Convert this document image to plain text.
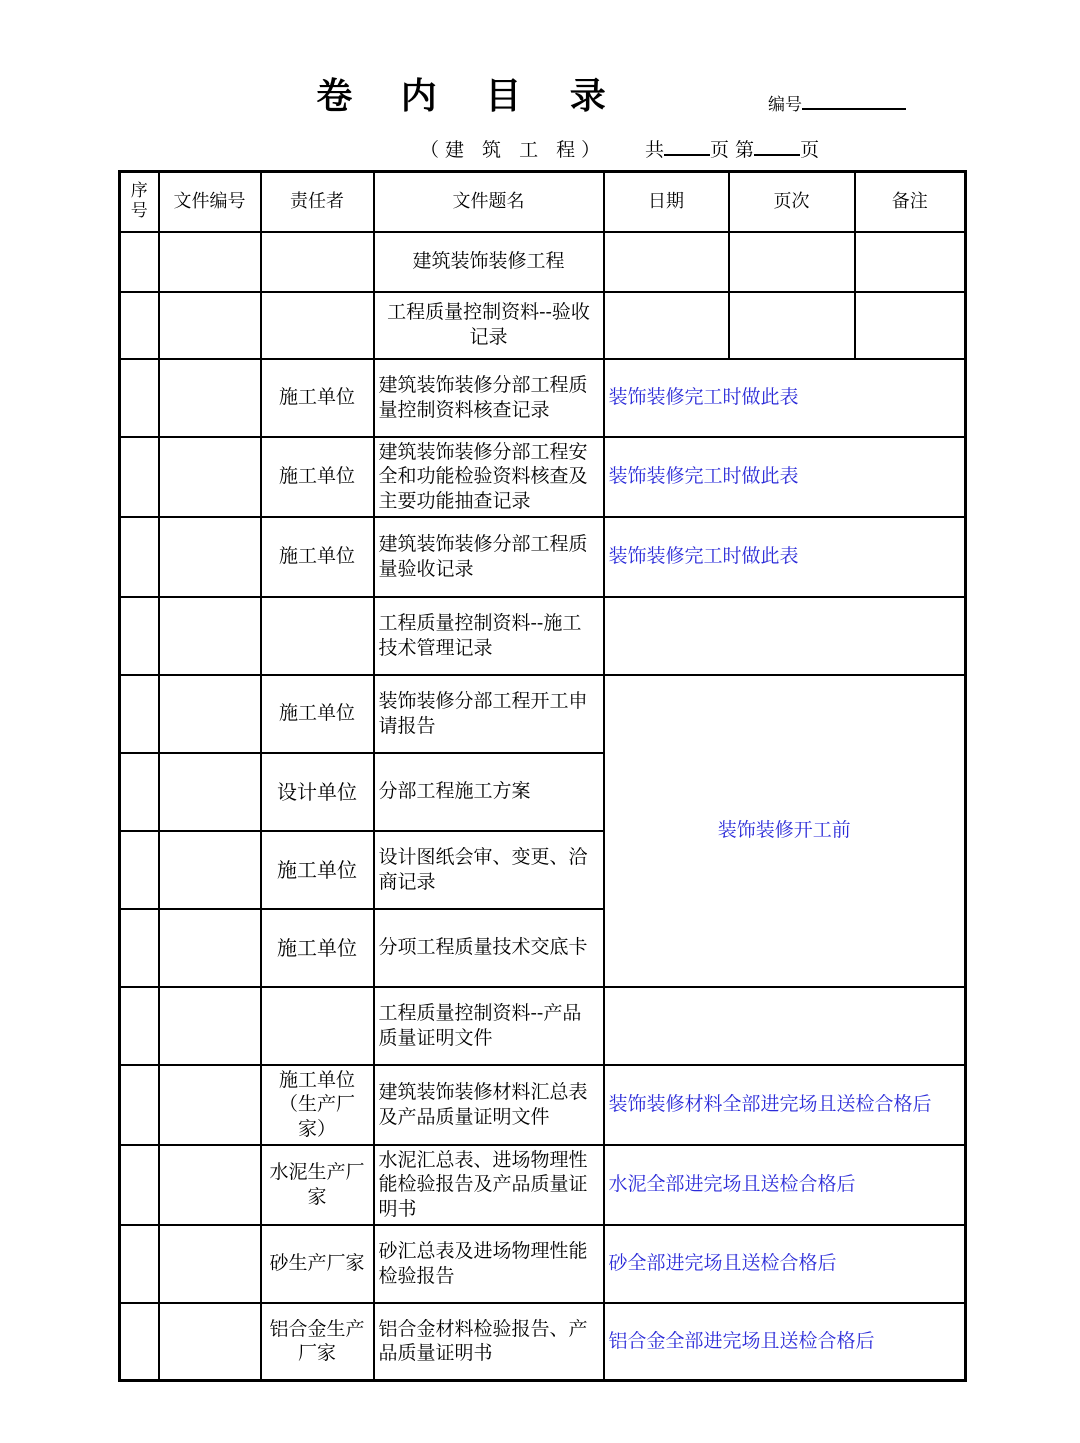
卷 内 目 录	编号
（建 筑 工 程） 共 页 第 页
序号	文件编号	责任者	文件题名	日期	页次	备注
			建筑装饰装修工程			
			工程质量控制资料--验收记录			
		施工单位	建筑装饰装修分部工程质量控制资料核查记录	装饰装修完工时做此表		
		施工单位	建筑装饰装修分部工程安全和功能检验资料核查及主要功能抽查记录	装饰装修完工时做此表		
		施工单位	建筑装饰装修分部工程质量验收记录	装饰装修完工时做此表		
			工程质量控制资料--施工技术管理记录			
		施工单位	装饰装修分部工程开工申请报告	装饰装修开工前		
		设计单位	分部工程施工方案			
		施工单位	设计图纸会审、变更、洽商记录			
		施工单位	分项工程质量技术交底卡			
			工程质量控制资料--产品质量证明文件			
		施工单位（生产厂家）	建筑装饰装修材料汇总表及产品质量证明文件	装饰装修材料全部进完场且送检合格后		
		水泥生产厂家	水泥汇总表、进场物理性能检验报告及产品质量证明书	水泥全部进完场且送检合格后		
		砂生产厂家	砂汇总表及进场物理性能检验报告	砂全部进完场且送检合格后		
		铝合金生产厂家	铝合金材料检验报告、产品质量证明书	铝合金全部进完场且送检合格后		
